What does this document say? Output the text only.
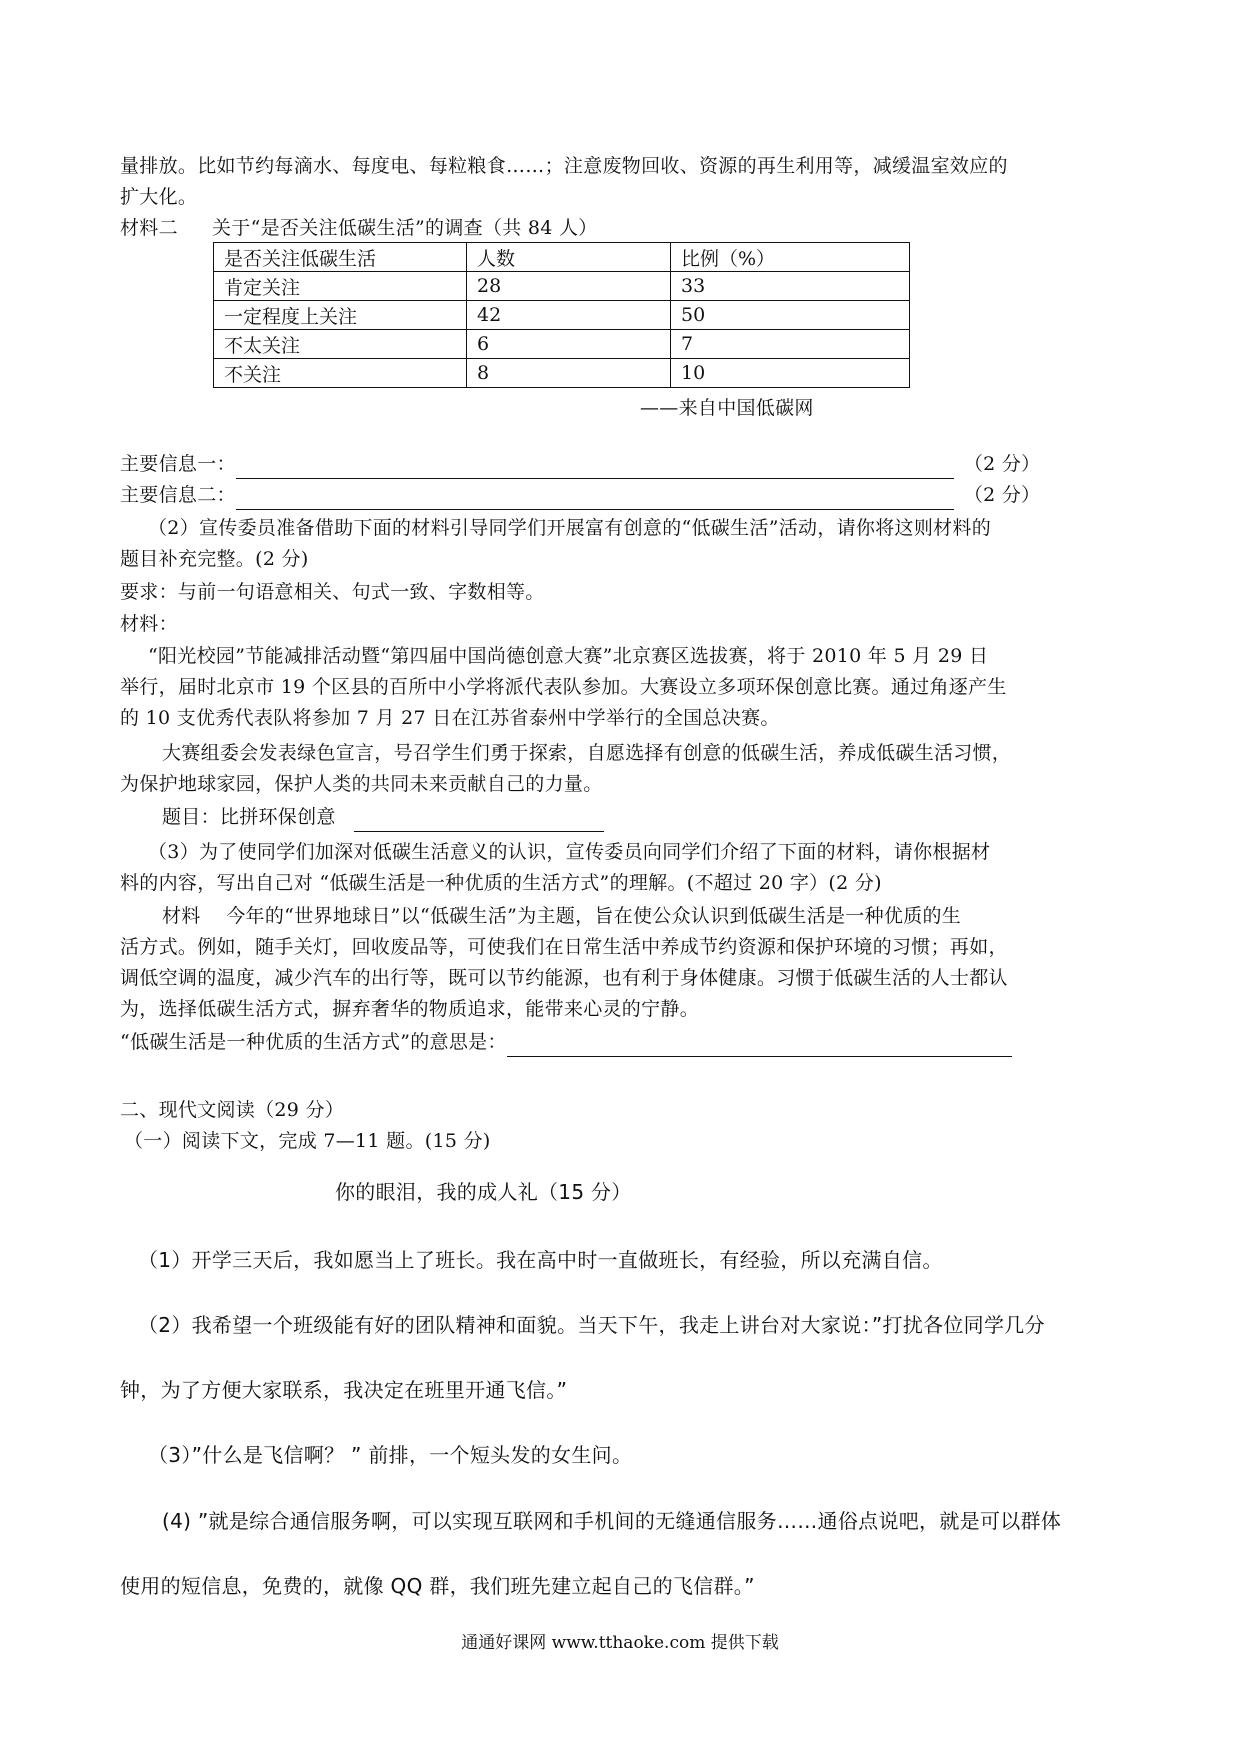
量排放。比如节约每滴水、每度电、每粒粮食……；注意废物回收、资源的再生利用等，减缓温室效应的
扩大化。
材料二 关于“是否关注低碳生活”的调查（共 84 人）
是否关注低碳生活	人数	比例（%）
肯定关注	28	33
一定程度上关注	42	50
不太关注	6	7
不关注	8	10
——来自中国低碳网
主要信息一：	（2 分）
主要信息二：	（2 分）
（2）宣传委员准备借助下面的材料引导同学们开展富有创意的“低碳生活”活动，请你将这则材料的
题目补充完整。(2 分)
要求：与前一句语意相关、句式一致、字数相等。
材料：
“阳光校园”节能减排活动暨“第四届中国尚德创意大赛”北京赛区选拔赛，将于 2010 年 5 月 29 日
举行，届时北京市 19 个区县的百所中小学将派代表队参加。大赛设立多项环保创意比赛。通过角逐产生
的 10 支优秀代表队将参加 7 月 27 日在江苏省泰州中学举行的全国总决赛。
大赛组委会发表绿色宣言，号召学生们勇于探索，自愿选择有创意的低碳生活，养成低碳生活习惯，
为保护地球家园，保护人类的共同未来贡献自己的力量。
题目：比拼环保创意
（3）为了使同学们加深对低碳生活意义的认识，宣传委员向同学们介绍了下面的材料，请你根据材
料的内容，写出自己对 “低碳生活是一种优质的生活方式”的理解。(不超过 20 字）(2 分)
材料　 今年的“世界地球日”以“低碳生活”为主题，旨在使公众认识到低碳生活是一种优质的生
活方式。例如，随手关灯，回收废品等，可使我们在日常生活中养成节约资源和保护环境的习惯；再如，
调低空调的温度，减少汽车的出行等，既可以节约能源，也有利于身体健康。习惯于低碳生活的人士都认
为，选择低碳生活方式，摒弃奢华的物质追求，能带来心灵的宁静。
“低碳生活是一种优质的生活方式”的意思是：
二、现代文阅读（29 分）
（一）阅读下文，完成 7—11 题。(15 分)
你的眼泪，我的成人礼（15 分）
（1）开学三天后，我如愿当上了班长。我在高中时一直做班长，有经验，所以充满自信。
（2）我希望一个班级能有好的团队精神和面貌。当天下午，我走上讲台对大家说：”打扰各位同学几分
钟，为了方便大家联系，我决定在班里开通飞信。”
（3）”什么是飞信啊？ ” 前排，一个短头发的女生问。
(4) ”就是综合通信服务啊，可以实现互联网和手机间的无缝通信服务……通俗点说吧，就是可以群体
使用的短信息，免费的，就像 QQ 群，我们班先建立起自己的飞信群。”
通通好课网 www.tthaoke.com 提供下载
